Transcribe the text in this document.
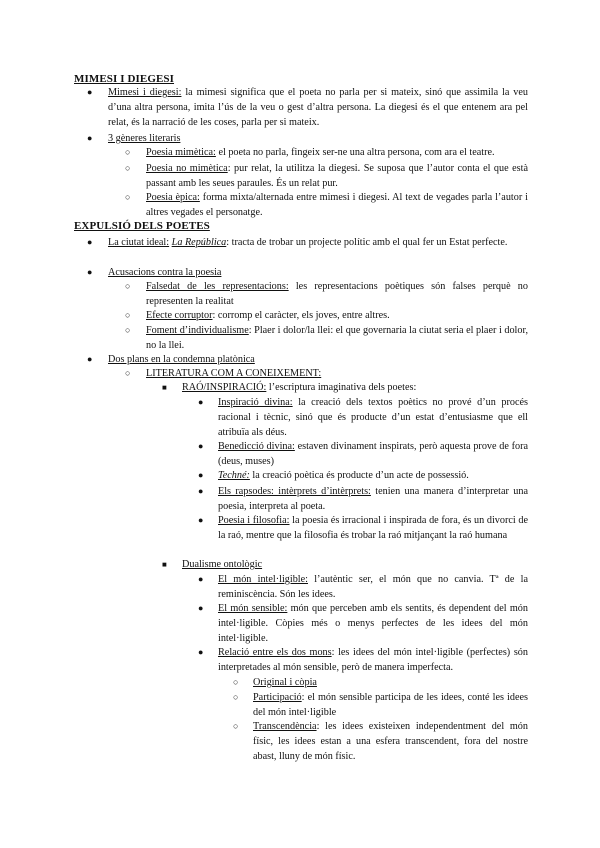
MIMESI I DIEGESI
● Mimesi i diegesi: la mimesi significa que el poeta no parla per si mateix, sinó que assimila la veu d’una altra persona, imita l’ús de la veu o gest d’altra persona. La diegesi és el que entenem ara pel relat, és la narració de les coses, parla per si mateix.
● 3 gèneres literaris
○ Poesia mimètica: el poeta no parla, fingeix ser-ne una altra persona, com ara el teatre.
○ Poesia no mimètica: pur relat, la utilitza la diegesi. Se suposa que l’autor conta el que està passant amb les seues paraules. És un relat pur.
○ Poesia èpica: forma mixta/alternada entre mimesi i diegesi. Al text de vegades parla l’autor i altres vegades el personatge.
EXPULSIÓ DELS POETES
● La ciutat ideal: La República: tracta de trobar un projecte polític amb el qual fer un Estat perfecte.
● Acusacions contra la poesia
○ Falsedat de les representacions: les representacions poètiques són falses perquè no representen la realitat
○ Efecte corruptor: corromp el caràcter, els joves, entre altres.
○ Foment d’individualisme: Plaer i dolor/la llei: el que governaria la ciutat seria el plaer i dolor, no la llei.
● Dos plans en la condemna platònica
○ LITERATURA COM A CONEIXEMENT:
■ RAÓ/INSPIRACIÓ: l’escriptura imaginativa dels poetes:
● Inspiració divina: la creació dels textos poètics no prové d’un procés racional i tècnic, sinó que és producte d’un estat d’entusiasme que ell atribuïa als déus.
● Benedicció divina: estaven divinament inspirats, però aquesta prove de fora (deus, muses)
● Techné: la creació poètica és producte d’un acte de possessió.
● Els rapsodes: intèrprets d’intèrprets: tenien una manera d’interpretar una poesia, interpreta al poeta.
● Poesia i filosofia: la poesia és irracional i inspirada de fora, és un divorci de la raó, mentre que la filosofia és trobar la raó mitjançant la raó humana
■ Dualisme ontològic
● El món intel·ligible: l’autèntic ser, el món que no canvia. Tª de la reminiscència. Són les idees.
● El món sensible: món que perceben amb els sentits, és dependent del món intel·ligible. Còpies més o menys perfectes de les idees del món intel·ligible.
● Relació entre els dos mons: les idees del món intel·ligible (perfectes) són interpretades al món sensible, però de manera imperfecta.
○ Original i còpia
○ Participació: el món sensible participa de les idees, conté les idees del món intel·ligible
○ Transcendència: les idees existeixen independentment del món físic, les idees estan a una esfera transcendent, fora del nostre abast, lluny de món físic.
